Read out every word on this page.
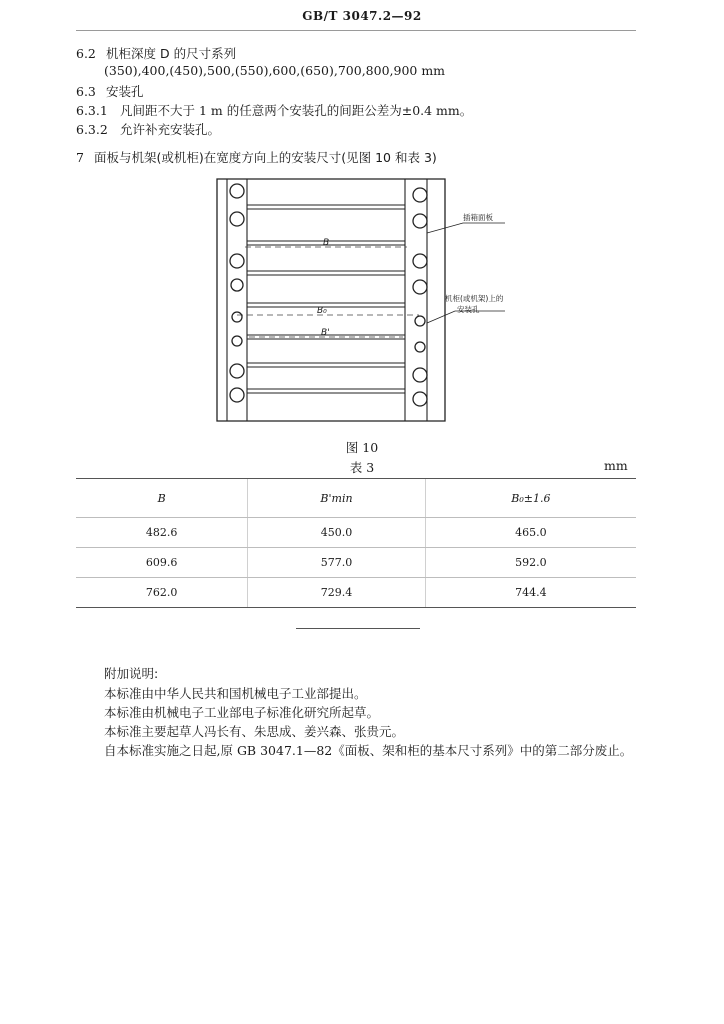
GB/T 3047.2—92
6.2 机柜深度 D 的尺寸系列
(350),400,(450),500,(550),600,(650),700,800,900 mm
6.3 安装孔
6.3.1 凡间距不大于 1 m 的任意两个安装孔的间距公差为±0.4 mm。
6.3.2 允许补充安装孔。
7 面板与机架(或机柜)在宽度方向上的安装尺寸(见图 10 和表 3)
插箱面板
机柜(或机架)上的
安装孔
B
B₀
B'
图 10
表 3	mm
B	B'min	B₀±1.6
482.6	450.0	465.0
609.6	577.0	592.0
762.0	729.4	744.4
附加说明:
本标准由中华人民共和国机械电子工业部提出。
本标准由机械电子工业部电子标准化研究所起草。
本标准主要起草人冯长有、朱思成、姜兴森、张贵元。
自本标准实施之日起,原 GB 3047.1—82《面板、架和柜的基本尺寸系列》中的第二部分废止。
